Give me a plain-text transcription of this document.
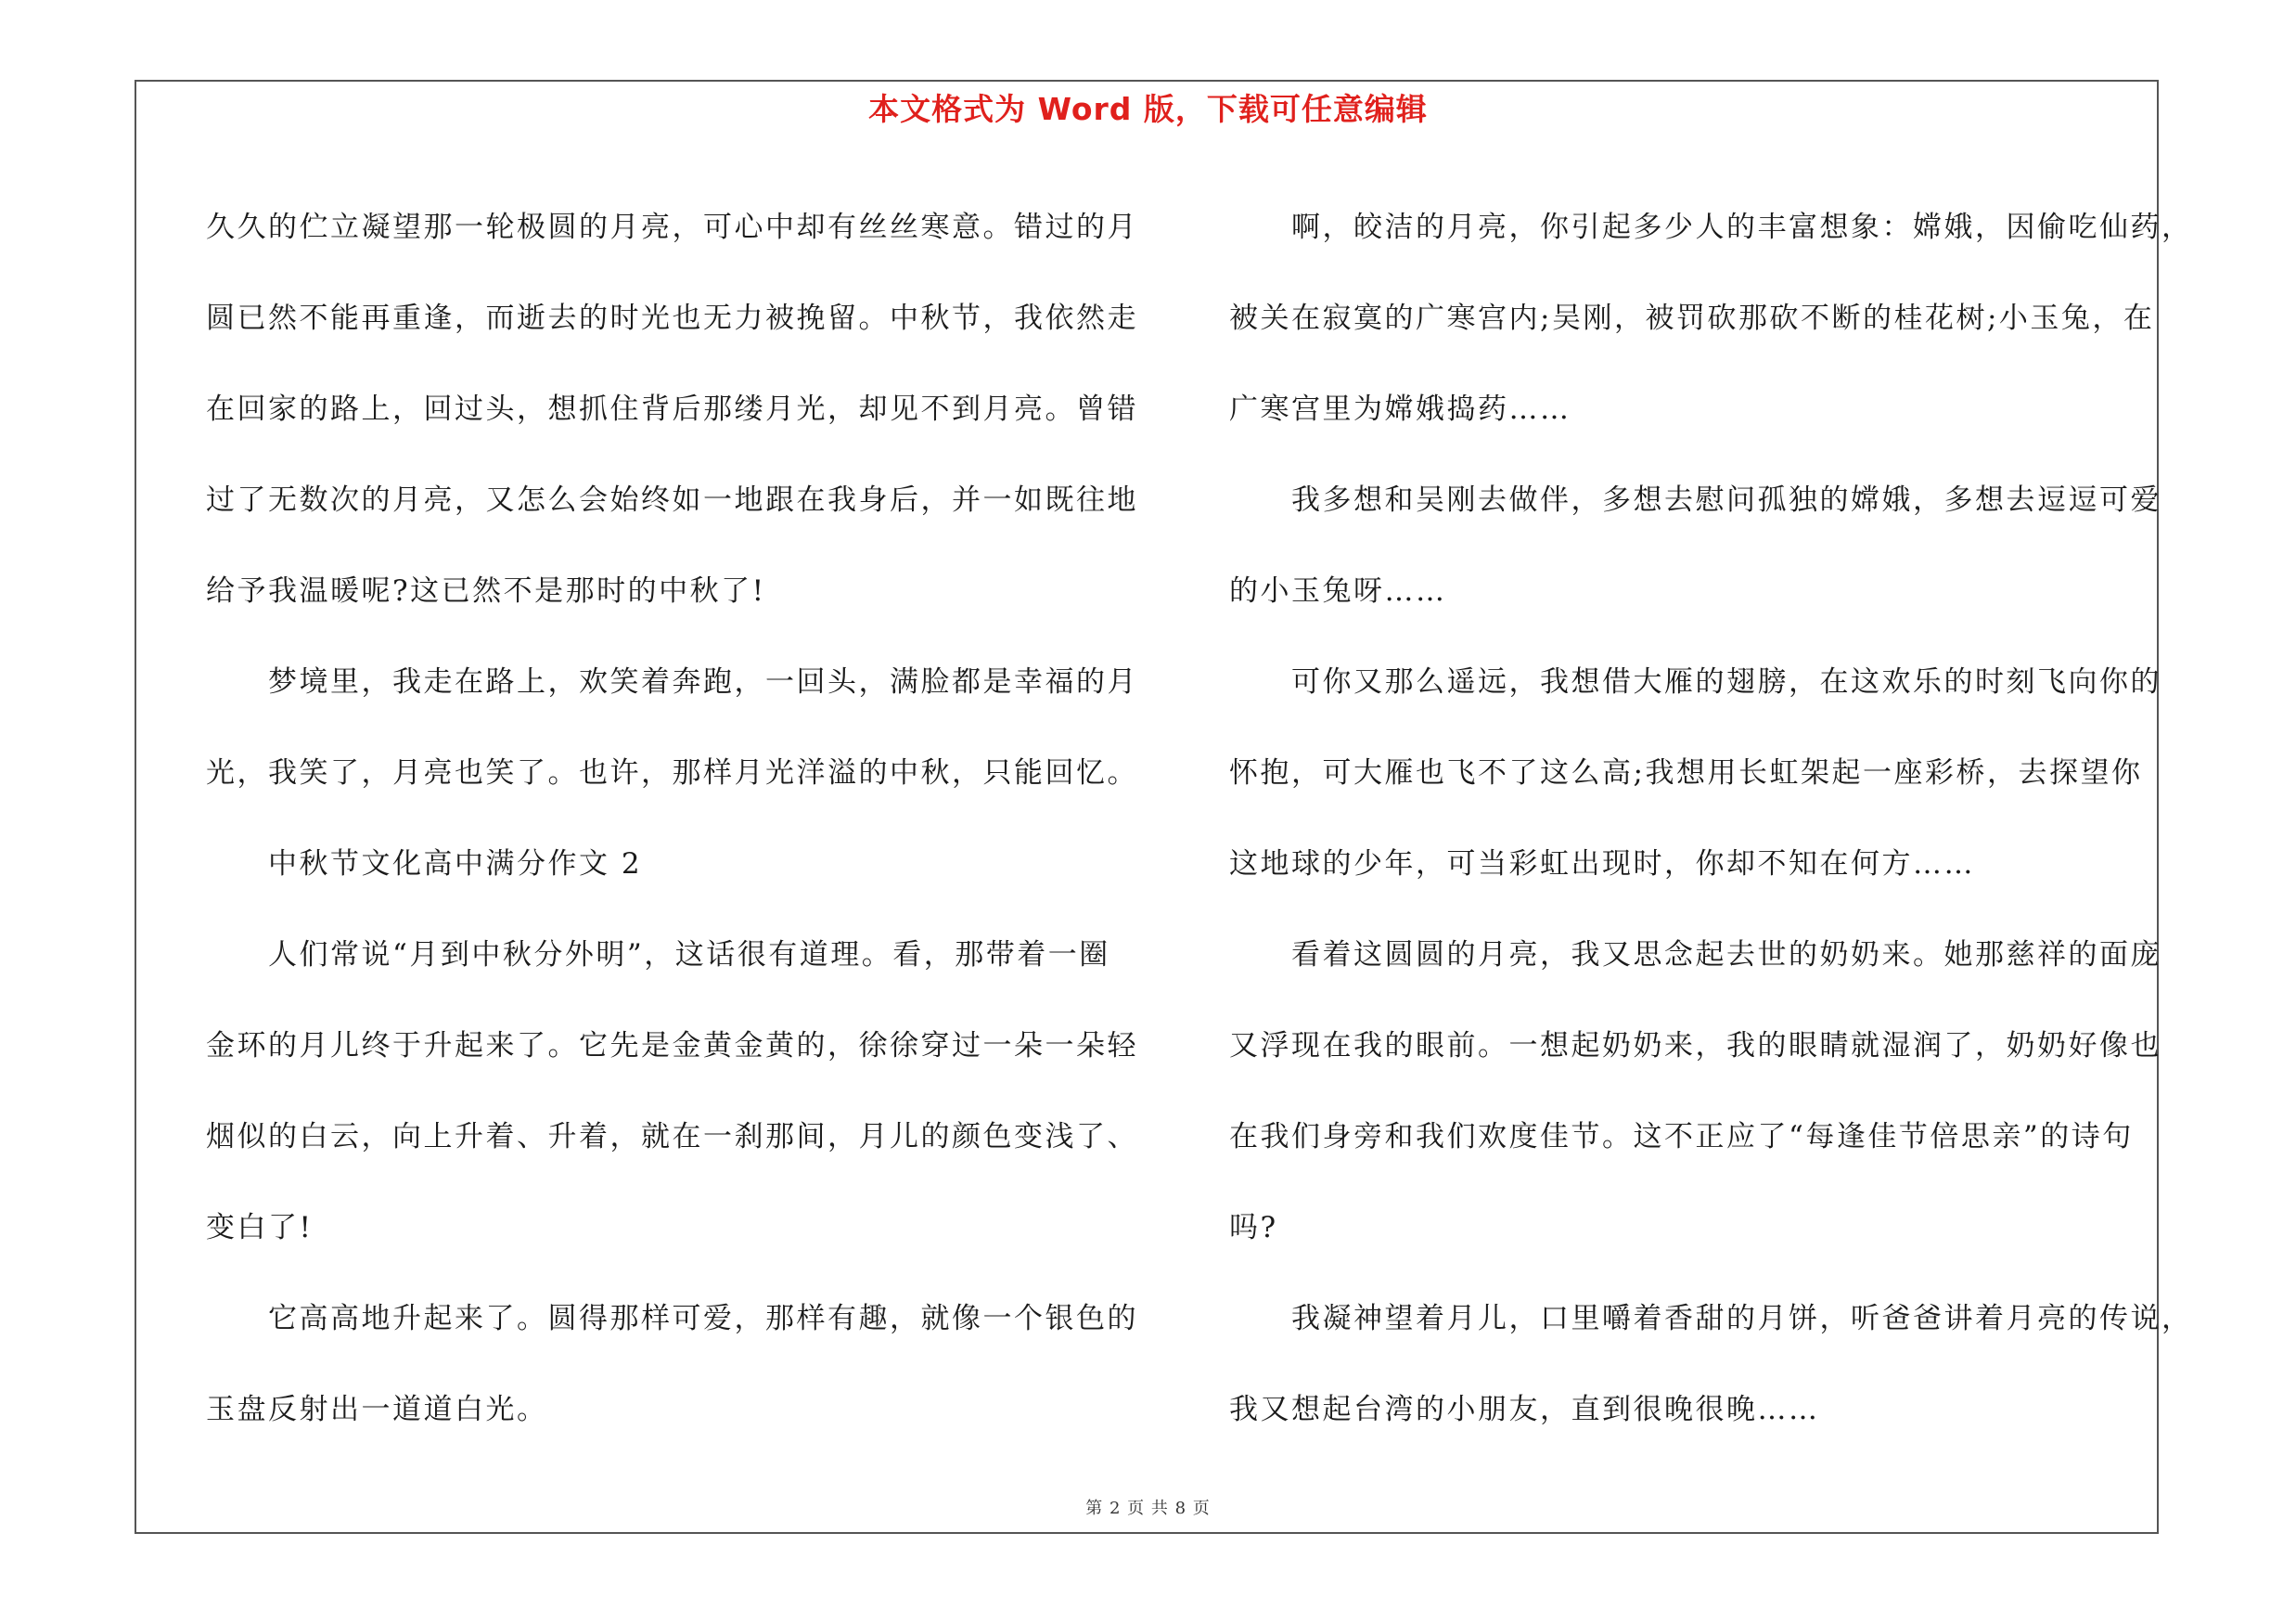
本文格式为 Word 版，下载可任意编辑
久久的伫立凝望那一轮极圆的月亮，可心中却有丝丝寒意。错过的月
圆已然不能再重逢，而逝去的时光也无力被挽留。中秋节，我依然走
在回家的路上，回过头，想抓住背后那缕月光，却见不到月亮。曾错
过了无数次的月亮，又怎么会始终如一地跟在我身后，并一如既往地
给予我温暖呢?这已然不是那时的中秋了!
梦境里，我走在路上，欢笑着奔跑，一回头，满脸都是幸福的月
光，我笑了，月亮也笑了。也许，那样月光洋溢的中秋，只能回忆。
中秋节文化高中满分作文 2
人们常说“月到中秋分外明”，这话很有道理。看，那带着一圈
金环的月儿终于升起来了。它先是金黄金黄的，徐徐穿过一朵一朵轻
烟似的白云，向上升着、升着，就在一刹那间，月儿的颜色变浅了、
变白了!
它高高地升起来了。圆得那样可爱，那样有趣，就像一个银色的
玉盘反射出一道道白光。
啊，皎洁的月亮，你引起多少人的丰富想象：嫦娥，因偷吃仙药，
被关在寂寞的广寒宫内;吴刚，被罚砍那砍不断的桂花树;小玉兔，在
广寒宫里为嫦娥捣药……
我多想和吴刚去做伴，多想去慰问孤独的嫦娥，多想去逗逗可爱
的小玉兔呀……
可你又那么遥远，我想借大雁的翅膀，在这欢乐的时刻飞向你的
怀抱，可大雁也飞不了这么高;我想用长虹架起一座彩桥，去探望你
这地球的少年，可当彩虹出现时，你却不知在何方……
看着这圆圆的月亮，我又思念起去世的奶奶来。她那慈祥的面庞
又浮现在我的眼前。一想起奶奶来，我的眼睛就湿润了，奶奶好像也
在我们身旁和我们欢度佳节。这不正应了“每逢佳节倍思亲”的诗句
吗?
我凝神望着月儿，口里嚼着香甜的月饼，听爸爸讲着月亮的传说，
我又想起台湾的小朋友，直到很晚很晚……
第 2 页 共 8 页
